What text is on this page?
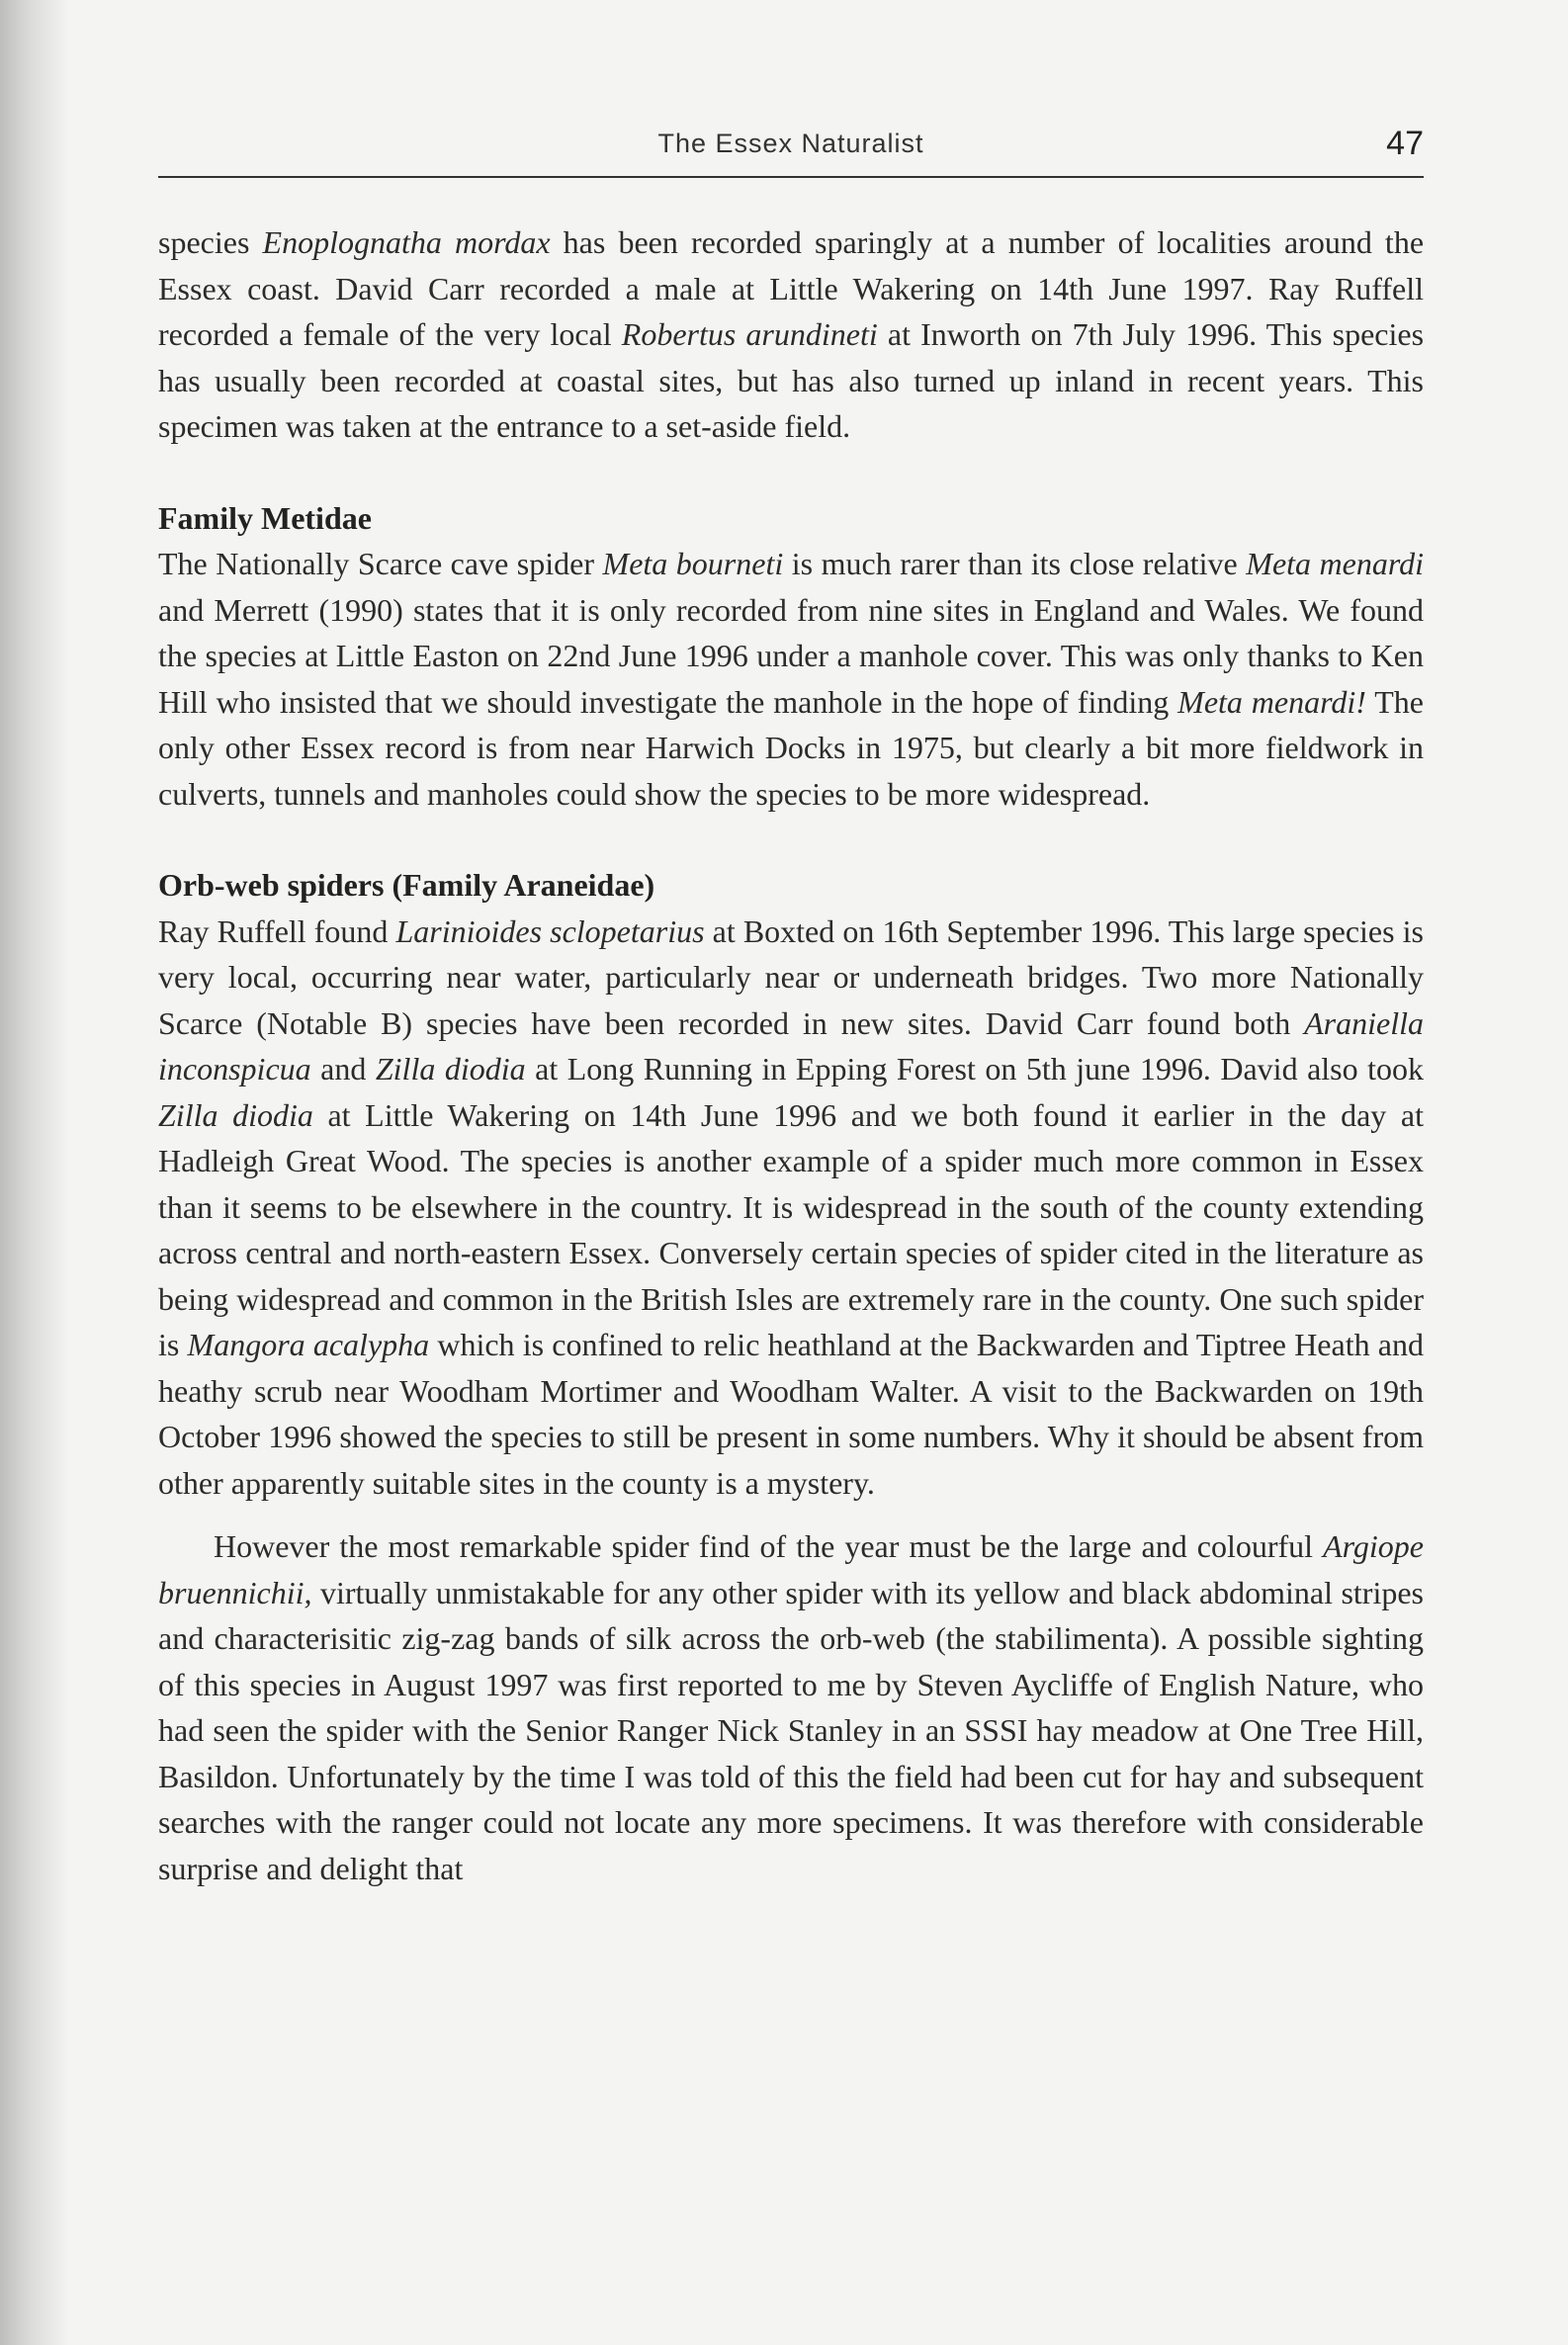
The Essex Naturalist	47

species Enoplognatha mordax has been recorded sparingly at a number of localities around the Essex coast. David Carr recorded a male at Little Wakering on 14th June 1997. Ray Ruffell recorded a female of the very local Robertus arundineti at Inworth on 7th July 1996. This species has usually been recorded at coastal sites, but has also turned up inland in recent years. This specimen was taken at the entrance to a set-aside field.

Family Metidae

The Nationally Scarce cave spider Meta bourneti is much rarer than its close relative Meta menardi and Merrett (1990) states that it is only recorded from nine sites in England and Wales. We found the species at Little Easton on 22nd June 1996 under a manhole cover. This was only thanks to Ken Hill who insisted that we should investigate the manhole in the hope of finding Meta menardi! The only other Essex record is from near Harwich Docks in 1975, but clearly a bit more fieldwork in culverts, tunnels and manholes could show the species to be more widespread.

Orb-web spiders (Family Araneidae)

Ray Ruffell found Larinioides sclopetarius at Boxted on 16th September 1996. This large species is very local, occurring near water, particularly near or underneath bridges. Two more Nationally Scarce (Notable B) species have been recorded in new sites. David Carr found both Araniella inconspicua and Zilla diodia at Long Running in Epping Forest on 5th june 1996. David also took Zilla diodia at Little Wakering on 14th June 1996 and we both found it earlier in the day at Hadleigh Great Wood. The species is another example of a spider much more common in Essex than it seems to be elsewhere in the country. It is widespread in the south of the county extending across central and north-eastern Essex. Conversely certain species of spider cited in the literature as being widespread and common in the British Isles are extremely rare in the county. One such spider is Mangora acalypha which is confined to relic heathland at the Backwarden and Tiptree Heath and heathy scrub near Woodham Mortimer and Woodham Walter. A visit to the Backwarden on 19th October 1996 showed the species to still be present in some numbers. Why it should be absent from other apparently suitable sites in the county is a mystery.

However the most remarkable spider find of the year must be the large and colourful Argiope bruennichii, virtually unmistakable for any other spider with its yellow and black abdominal stripes and characterisitic zig-zag bands of silk across the orb-web (the stabilimenta). A possible sighting of this species in August 1997 was first reported to me by Steven Aycliffe of English Nature, who had seen the spider with the Senior Ranger Nick Stanley in an SSSI hay meadow at One Tree Hill, Basildon. Unfortunately by the time I was told of this the field had been cut for hay and subsequent searches with the ranger could not locate any more specimens. It was therefore with considerable surprise and delight that
